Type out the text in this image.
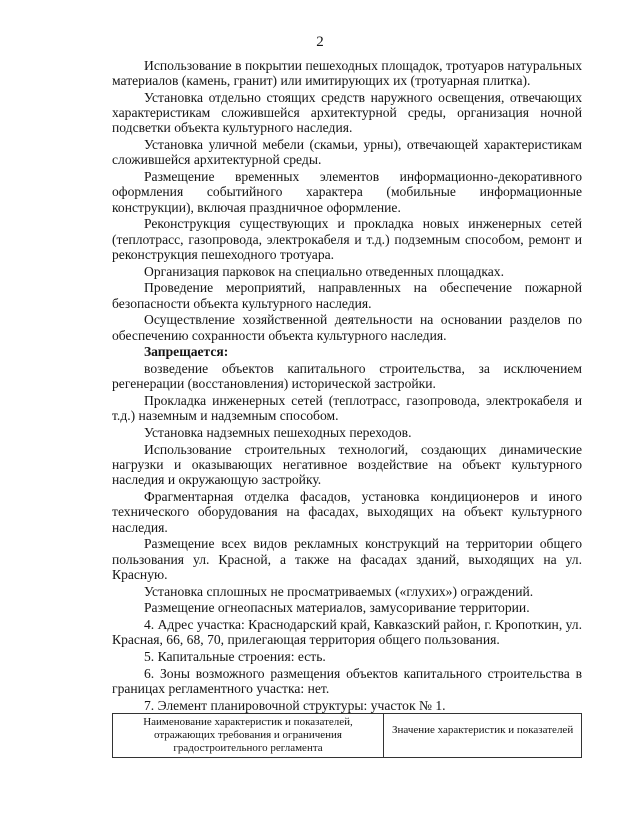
2

Использование в покрытии пешеходных площадок, тротуаров натуральных материалов (камень, гранит) или имитирующих их (тротуарная плитка).

Установка отдельно стоящих средств наружного освещения, отвечающих характеристикам сложившейся архитектурной среды, организация ночной подсветки объекта культурного наследия.

Установка уличной мебели (скамьи, урны), отвечающей характеристикам сложившейся архитектурной среды.

Размещение временных элементов информационно-декоративного оформления событийного характера (мобильные информационные конструкции), включая праздничное оформление.

Реконструкция существующих и прокладка новых инженерных сетей (теплотрасс, газопровода, электрокабеля и т.д.) подземным способом, ремонт и реконструкция пешеходного тротуара.

Организация парковок на специально отведенных площадках.

Проведение мероприятий, направленных на обеспечение пожарной безопасности объекта культурного наследия.

Осуществление хозяйственной деятельности на основании разделов по обеспечению сохранности объекта культурного наследия.

Запрещается:

возведение объектов капитального строительства, за исключением регенерации (восстановления) исторической застройки.

Прокладка инженерных сетей (теплотрасс, газопровода, электрокабеля и т.д.) наземным и надземным способом.

Установка надземных пешеходных переходов.

Использование строительных технологий, создающих динамические нагрузки и оказывающих негативное воздействие на объект культурного наследия и окружающую застройку.

Фрагментарная отделка фасадов, установка кондиционеров и иного технического оборудования на фасадах, выходящих на объект культурного наследия.

Размещение всех видов рекламных конструкций на территории общего пользования ул. Красной, а также на фасадах зданий, выходящих на ул. Красную.

Установка сплошных не просматриваемых («глухих») ограждений.

Размещение огнеопасных материалов, замусоривание территории.

4. Адрес участка: Краснодарский край, Кавказский район, г. Кропоткин, ул. Красная, 66, 68, 70, прилегающая территория общего пользования.

5. Капитальные строения: есть.

6. Зоны возможного размещения объектов капитального строительства в границах регламентного участка: нет.

7. Элемент планировочной структуры: участок № 1.

Наименование характеристик и показателей, отражающих требования и ограничения градостроительного регламента	Значение характеристик и показателей
